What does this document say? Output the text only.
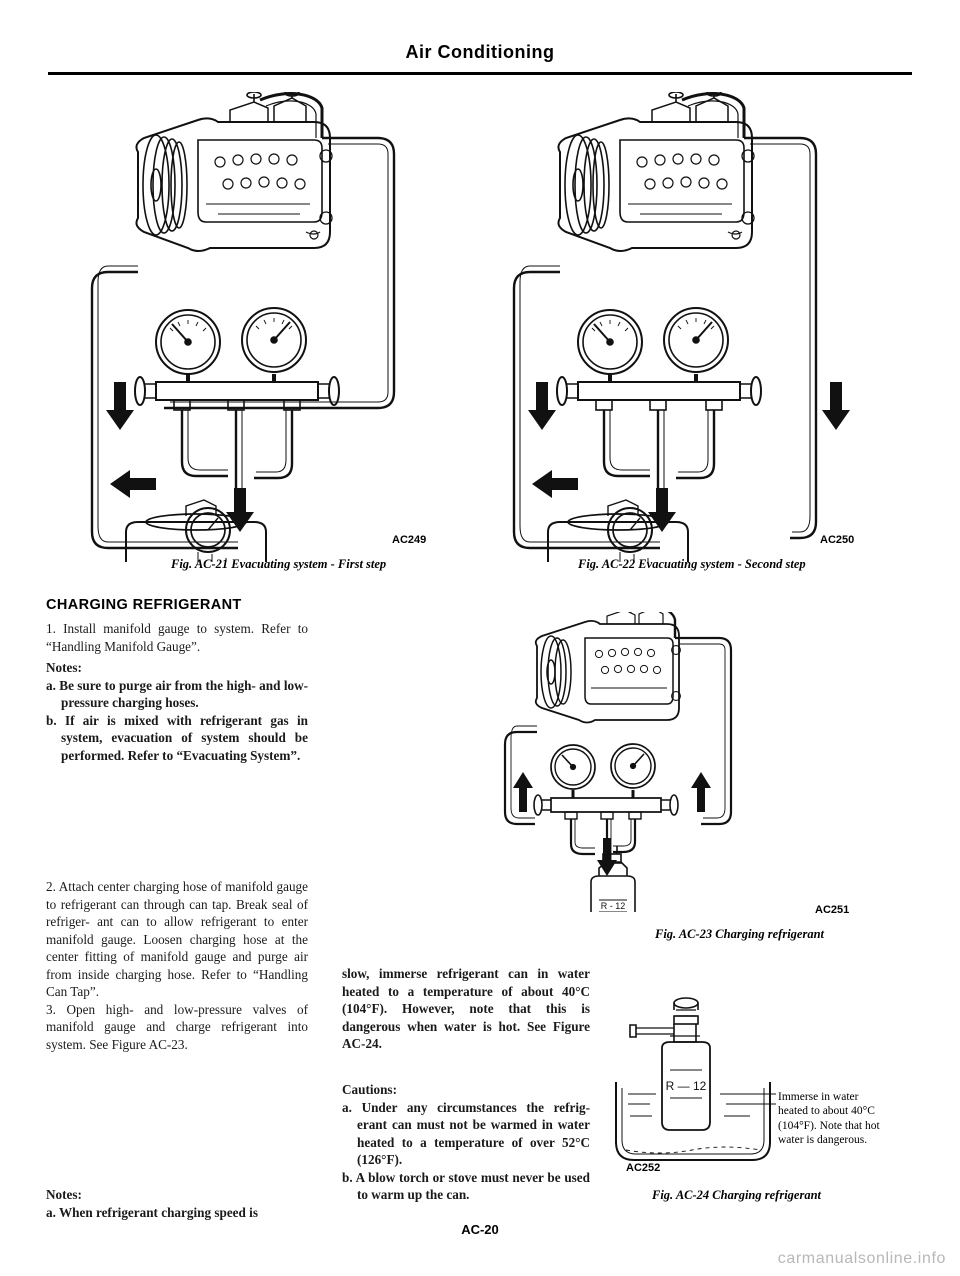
Air Conditioning
AC249
Fig. AC-21 Evacuating system - First step
AC250
Fig. AC-22 Evacuating system - Second step
CHARGING REFRIGERANT

1. Install manifold gauge to system. Refer to “Handling Manifold Gauge”.

Notes:

a. Be sure to purge air from the high- and low-pressure charging hoses.

b. If air is mixed with refrigerant gas in system, evacuation of system should be performed. Refer to “Evacuating System”.

2. Attach center charging hose of manifold gauge to refrigerant can through can tap. Break seal of refriger- ant can to allow refrigerant to enter manifold gauge. Loosen charging hose at the center fitting of manifold gauge and purge air from inside charging hose. Refer to “Handling Can Tap”.

3. Open high- and low-pressure valves of manifold gauge and charge refrigerant into system. See Figure AC-23.

Notes:

a. When refrigerant charging speed is

slow, immerse refrigerant can in water heated to a temperature of about 40°C (104°F). However, note that this is dangerous when water is hot. See Figure AC-24.

Cautions:

a. Under any circumstances the refrig- erant can must not be warmed in water heated to a temperature of over 52°C (126°F).

b. A blow torch or stove must never be used to warm up the can.

R - 12	AC251
Fig. AC-23 Charging refrigerant
R — 12
Immerse in water heated to about 40°C (104°F). Note that hot water is dangerous.
AC252
Fig. AC-24 Charging refrigerant
AC-20
carmanualsonline.info
